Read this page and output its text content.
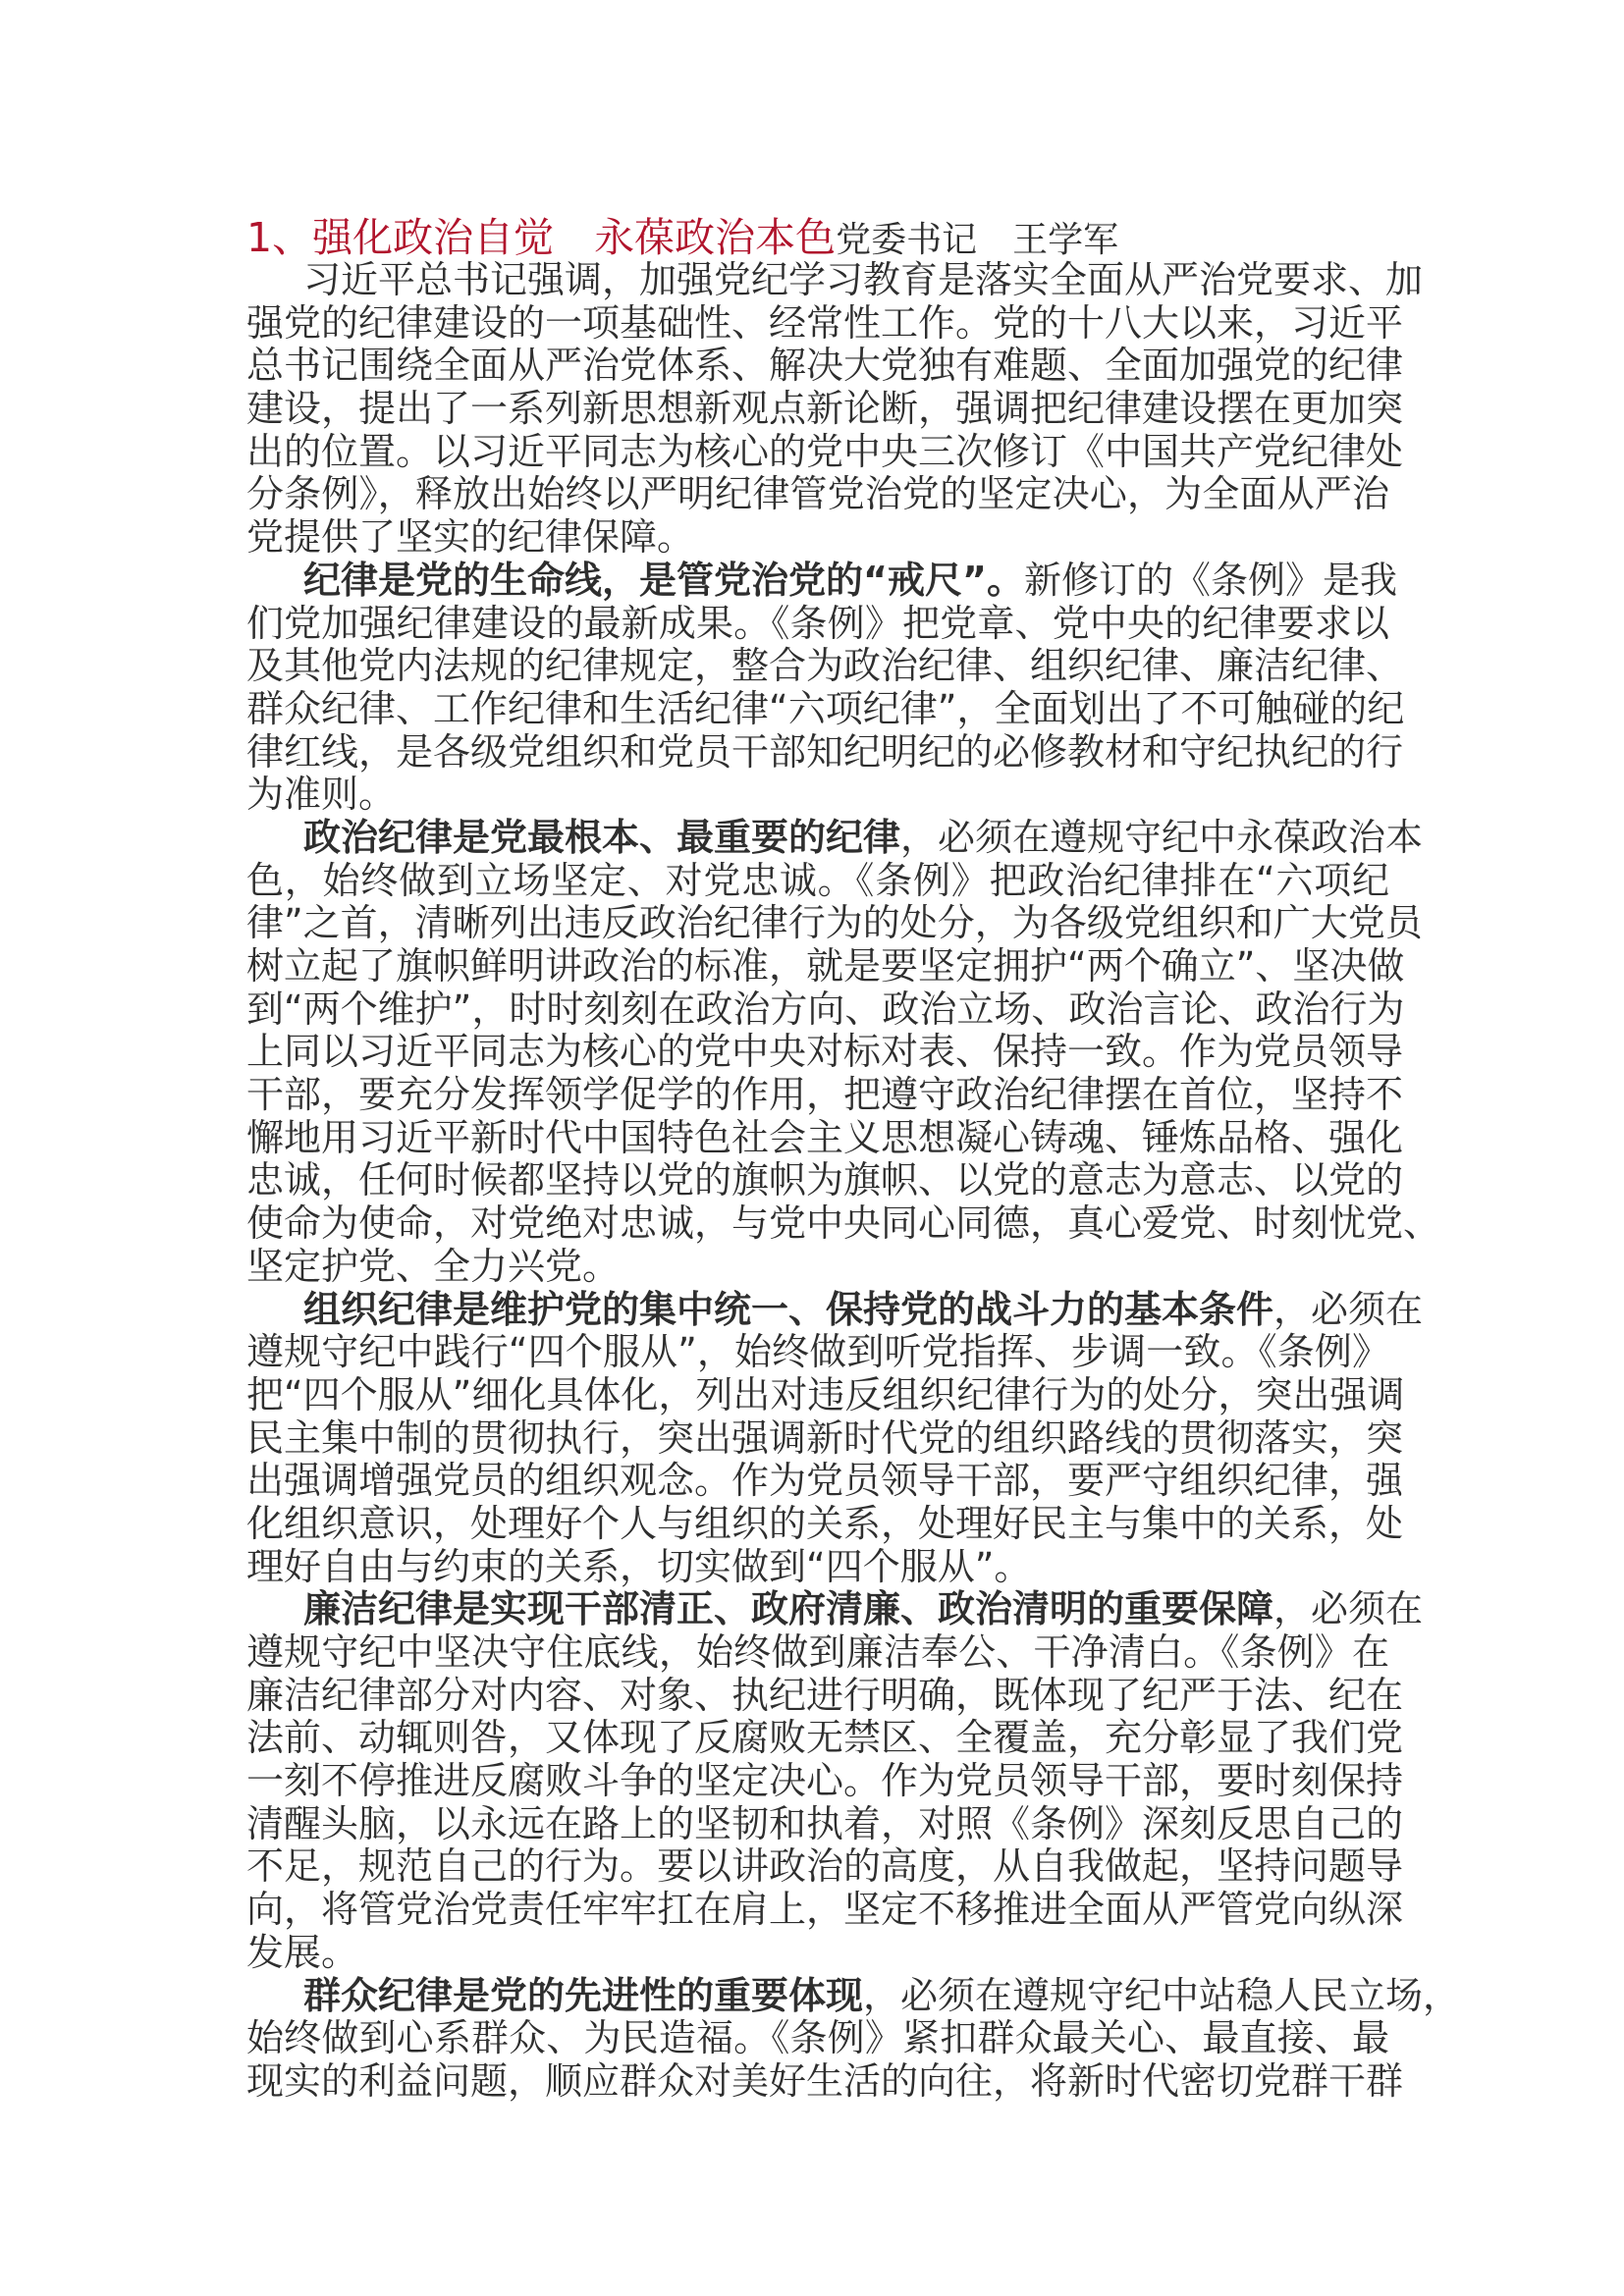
1、强化政治自觉　永葆政治本色党委书记　王学军
习近平总书记强调，加强党纪学习教育是落实全面从严治党要求、加
强党的纪律建设的一项基础性、经常性工作。党的十八大以来，习近平
总书记围绕全面从严治党体系、解决大党独有难题、全面加强党的纪律
建设，提出了一系列新思想新观点新论断，强调把纪律建设摆在更加突
出的位置。以习近平同志为核心的党中央三次修订《中国共产党纪律处
分条例》，释放出始终以严明纪律管党治党的坚定决心，为全面从严治
党提供了坚实的纪律保障。
纪律是党的生命线，是管党治党的“戒尺”。新修订的《条例》是我
们党加强纪律建设的最新成果。《条例》把党章、党中央的纪律要求以
及其他党内法规的纪律规定，整合为政治纪律、组织纪律、廉洁纪律、
群众纪律、工作纪律和生活纪律“六项纪律”，全面划出了不可触碰的纪
律红线，是各级党组织和党员干部知纪明纪的必修教材和守纪执纪的行
为准则。
政治纪律是党最根本、最重要的纪律，必须在遵规守纪中永葆政治本
色，始终做到立场坚定、对党忠诚。《条例》把政治纪律排在“六项纪
律”之首，清晰列出违反政治纪律行为的处分，为各级党组织和广大党员
树立起了旗帜鲜明讲政治的标准，就是要坚定拥护“两个确立”、坚决做
到“两个维护”，时时刻刻在政治方向、政治立场、政治言论、政治行为
上同以习近平同志为核心的党中央对标对表、保持一致。作为党员领导
干部，要充分发挥领学促学的作用，把遵守政治纪律摆在首位，坚持不
懈地用习近平新时代中国特色社会主义思想凝心铸魂、锤炼品格、强化
忠诚，任何时候都坚持以党的旗帜为旗帜、以党的意志为意志、以党的
使命为使命，对党绝对忠诚，与党中央同心同德，真心爱党、时刻忧党、
坚定护党、全力兴党。
组织纪律是维护党的集中统一、保持党的战斗力的基本条件，必须在
遵规守纪中践行“四个服从”，始终做到听党指挥、步调一致。《条例》
把“四个服从”细化具体化，列出对违反组织纪律行为的处分，突出强调
民主集中制的贯彻执行，突出强调新时代党的组织路线的贯彻落实，突
出强调增强党员的组织观念。作为党员领导干部，要严守组织纪律，强
化组织意识，处理好个人与组织的关系，处理好民主与集中的关系，处
理好自由与约束的关系，切实做到“四个服从”。
廉洁纪律是实现干部清正、政府清廉、政治清明的重要保障，必须在
遵规守纪中坚决守住底线，始终做到廉洁奉公、干净清白。《条例》在
廉洁纪律部分对内容、对象、执纪进行明确，既体现了纪严于法、纪在
法前、动辄则咎，又体现了反腐败无禁区、全覆盖，充分彰显了我们党
一刻不停推进反腐败斗争的坚定决心。作为党员领导干部，要时刻保持
清醒头脑，以永远在路上的坚韧和执着，对照《条例》深刻反思自己的
不足，规范自己的行为。要以讲政治的高度，从自我做起，坚持问题导
向，将管党治党责任牢牢扛在肩上，坚定不移推进全面从严管党向纵深
发展。
群众纪律是党的先进性的重要体现，必须在遵规守纪中站稳人民立场，
始终做到心系群众、为民造福。《条例》紧扣群众最关心、最直接、最
现实的利益问题，顺应群众对美好生活的向往，将新时代密切党群干群
